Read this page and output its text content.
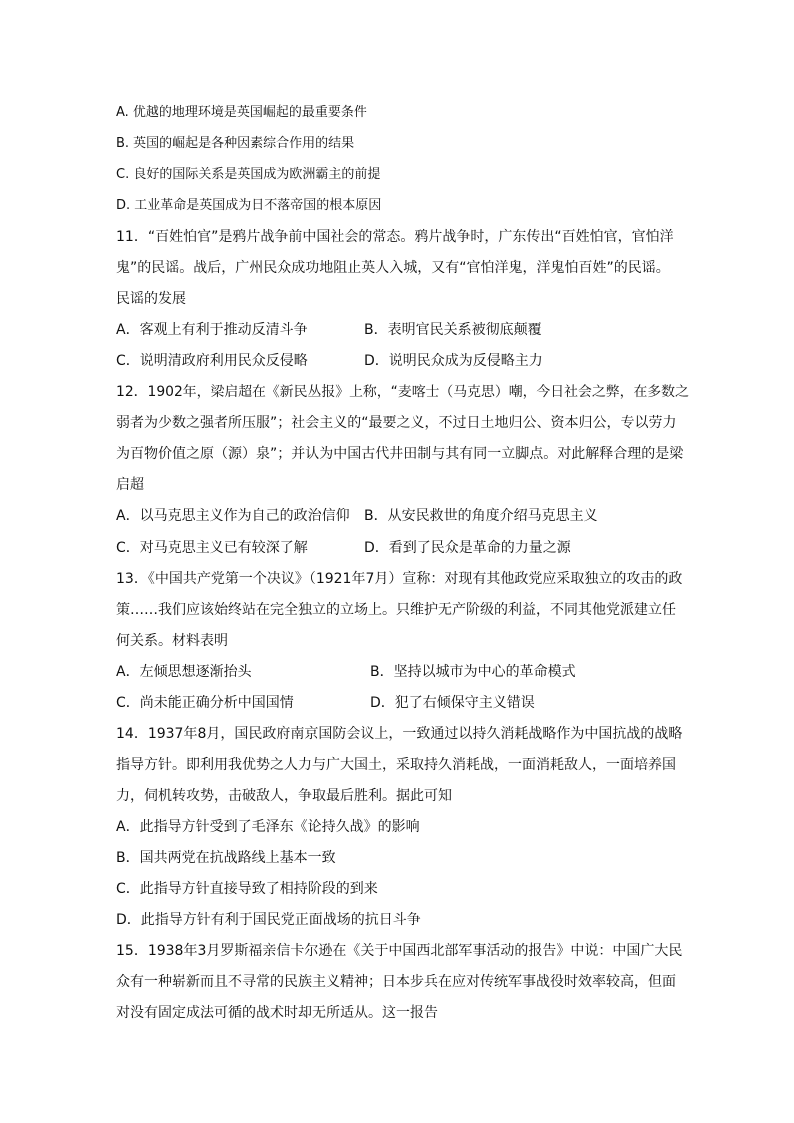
A. 优越的地理环境是英国崛起的最重要条件
B. 英国的崛起是各种因素综合作用的结果
C. 良好的国际关系是英国成为欧洲霸主的前提
D. 工业革命是英国成为日不落帝国的根本原因
11．“百姓怕官”是鸦片战争前中国社会的常态。鸦片战争时，广东传出“百姓怕官，官怕洋
鬼”的民谣。战后，广州民众成功地阻止英人入城，又有“官怕洋鬼，洋鬼怕百姓”的民谣。
民谣的发展
A．客观上有利于推动反清斗争	B．表明官民关系被彻底颠覆
C．说明清政府利用民众反侵略	D．说明民众成为反侵略主力
12．1902年，梁启超在《新民丛报》上称，“麦喀士（马克思）嘲，今日社会之弊，在多数之
弱者为少数之强者所压服”；社会主义的“最要之义，不过日土地归公、资本归公，专以劳力
为百物价值之原（源）泉”；并认为中国古代井田制与其有同一立脚点。对此解释合理的是梁
启超
A．以马克思主义作为自己的政治信仰 B．从安民救世的角度介绍马克思主义
C．对马克思主义已有较深了解	D．看到了民众是革命的力量之源
13．《中国共产党第一个决议》（1921年7月）宣称：对现有其他政党应采取独立的攻击的政
策……我们应该始终站在完全独立的立场上。只维护无产阶级的利益，不同其他党派建立任
何关系。材料表明
A．左倾思想逐渐抬头	B．坚持以城市为中心的革命模式
C．尚未能正确分析中国国情	D．犯了右倾保守主义错误
14．1937年8月，国民政府南京国防会议上，一致通过以持久消耗战略作为中国抗战的战略
指导方针。即利用我优势之人力与广大国土，采取持久消耗战，一面消耗敌人，一面培养国
力，伺机转攻势，击破敌人，争取最后胜利。据此可知
A．此指导方针受到了毛泽东《论持久战》的影响
B．国共两党在抗战路线上基本一致
C．此指导方针直接导致了相持阶段的到来
D．此指导方针有利于国民党正面战场的抗日斗争
15．1938年3月罗斯福亲信卡尔逊在《关于中国西北部军事活动的报告》中说：中国广大民
众有一种崭新而且不寻常的民族主义精神；日本步兵在应对传统军事战役时效率较高，但面
对没有固定成法可循的战术时却无所适从。这一报告
